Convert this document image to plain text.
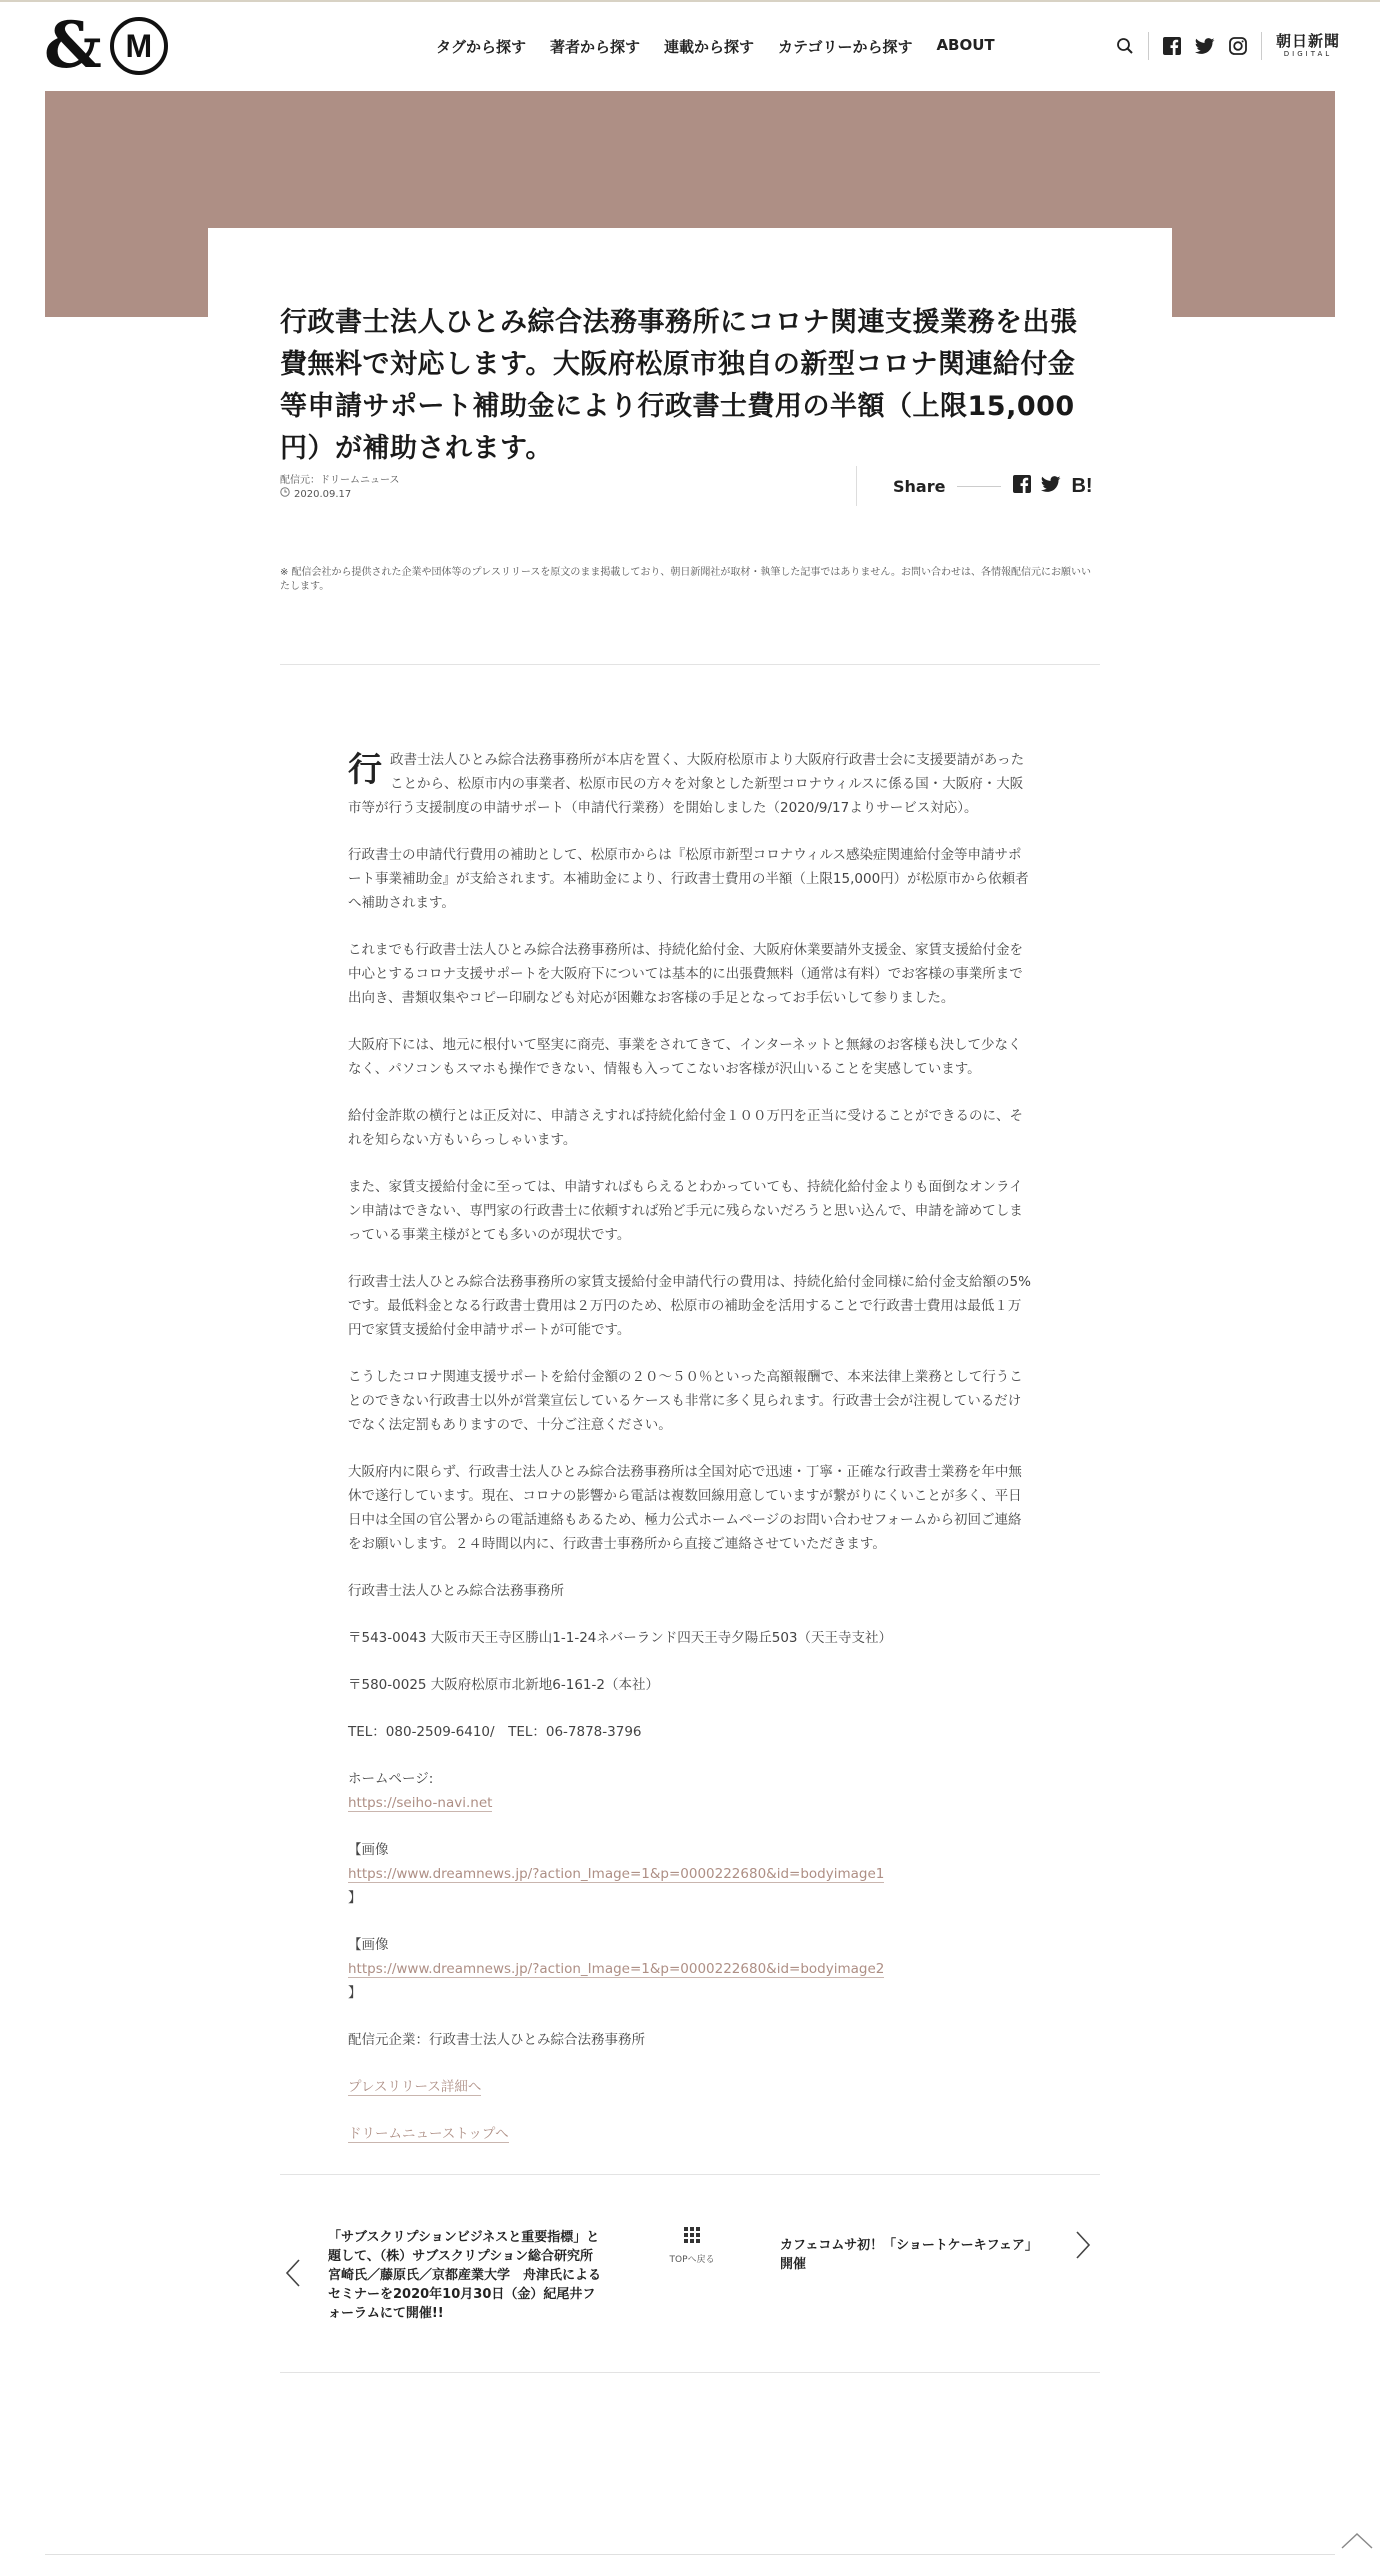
& M	タグから探す 著者から探す 連載から探す カテゴリーから探す ABOUT	朝日新聞
DIGITAL
行政書士法人ひとみ綜合法務事務所にコロナ関連支援業務を出張費無料で対応します。大阪府松原市独自の新型コロナ関連給付金等申請サポート補助金により行政書士費用の半額（上限15,000円）が補助されます。
配信元：ドリームニュース
2020.09.17	Share	B!

※ 配信会社から提供された企業や団体等のプレスリリースを原文のまま掲載しており、朝日新聞社が取材・執筆した記事ではありません。お問い合わせは、各情報配信元にお願いいたします。

行政書士法人ひとみ綜合法務事務所が本店を置く、大阪府松原市より大阪府行政書士会に支援要請があったことから、松原市内の事業者、松原市民の方々を対象とした新型コロナウィルスに係る国・大阪府・大阪市等が行う支援制度の申請サポート（申請代行業務）を開始しました（2020/9/17よりサービス対応）。

行政書士の申請代行費用の補助として、松原市からは『松原市新型コロナウィルス感染症関連給付金等申請サポート事業補助金』が支給されます。本補助金により、行政書士費用の半額（上限15,000円）が松原市から依頼者へ補助されます。

これまでも行政書士法人ひとみ綜合法務事務所は、持続化給付金、大阪府休業要請外支援金、家賃支援給付金を中心とするコロナ支援サポートを大阪府下については基本的に出張費無料（通常は有料）でお客様の事業所まで出向き、書類収集やコピー印刷なども対応が困難なお客様の手足となってお手伝いして参りました。

大阪府下には、地元に根付いて堅実に商売、事業をされてきて、インターネットと無縁のお客様も決して少なくなく、パソコンもスマホも操作できない、情報も入ってこないお客様が沢山いることを実感しています。

給付金詐欺の横行とは正反対に、申請さえすれば持続化給付金１００万円を正当に受けることができるのに、それを知らない方もいらっしゃいます。

また、家賃支援給付金に至っては、申請すればもらえるとわかっていても、持続化給付金よりも面倒なオンライン申請はできない、専門家の行政書士に依頼すれば殆ど手元に残らないだろうと思い込んで、申請を諦めてしまっている事業主様がとても多いのが現状です。

行政書士法人ひとみ綜合法務事務所の家賃支援給付金申請代行の費用は、持続化給付金同様に給付金支給額の5%です。最低料金となる行政書士費用は２万円のため、松原市の補助金を活用することで行政書士費用は最低１万円で家賃支援給付金申請サポートが可能です。

こうしたコロナ関連支援サポートを給付金額の２０～５０％といった高額報酬で、本来法律上業務として行うことのできない行政書士以外が営業宣伝しているケースも非常に多く見られます。行政書士会が注視しているだけでなく法定罰もありますので、十分ご注意ください。

大阪府内に限らず、行政書士法人ひとみ綜合法務事務所は全国対応で迅速・丁寧・正確な行政書士業務を年中無休で遂行しています。現在、コロナの影響から電話は複数回線用意していますが繋がりにくいことが多く、平日日中は全国の官公署からの電話連絡もあるため、極力公式ホームページのお問い合わせフォームから初回ご連絡をお願いします。２４時間以内に、行政書士事務所から直接ご連絡させていただきます。

行政書士法人ひとみ綜合法務事務所

〒543-0043 大阪市天王寺区勝山1-1-24ネバーランド四天王寺夕陽丘503（天王寺支社）

〒580-0025 大阪府松原市北新地6-161-2（本社）

TEL：080-2509-6410/　TEL：06-7878-3796

ホームページ:
https://seiho-navi.net

【画像
https://www.dreamnews.jp/?action_Image=1&p=0000222680&id=bodyimage1
】

【画像
https://www.dreamnews.jp/?action_Image=1&p=0000222680&id=bodyimage2
】

配信元企業：行政書士法人ひとみ綜合法務事務所

プレスリリース詳細へ

ドリームニューストップへ

「サブスクリプションビジネスと重要指標」と題して、（株）サブスクリプション総合研究所　宮崎氏／藤原氏／京都産業大学　舟津氏によるセミナーを2020年10月30日（金）紀尾井フォーラムにて開催!!
TOPへ戻る
カフェコムサ初！「ショートケーキフェア」開催
